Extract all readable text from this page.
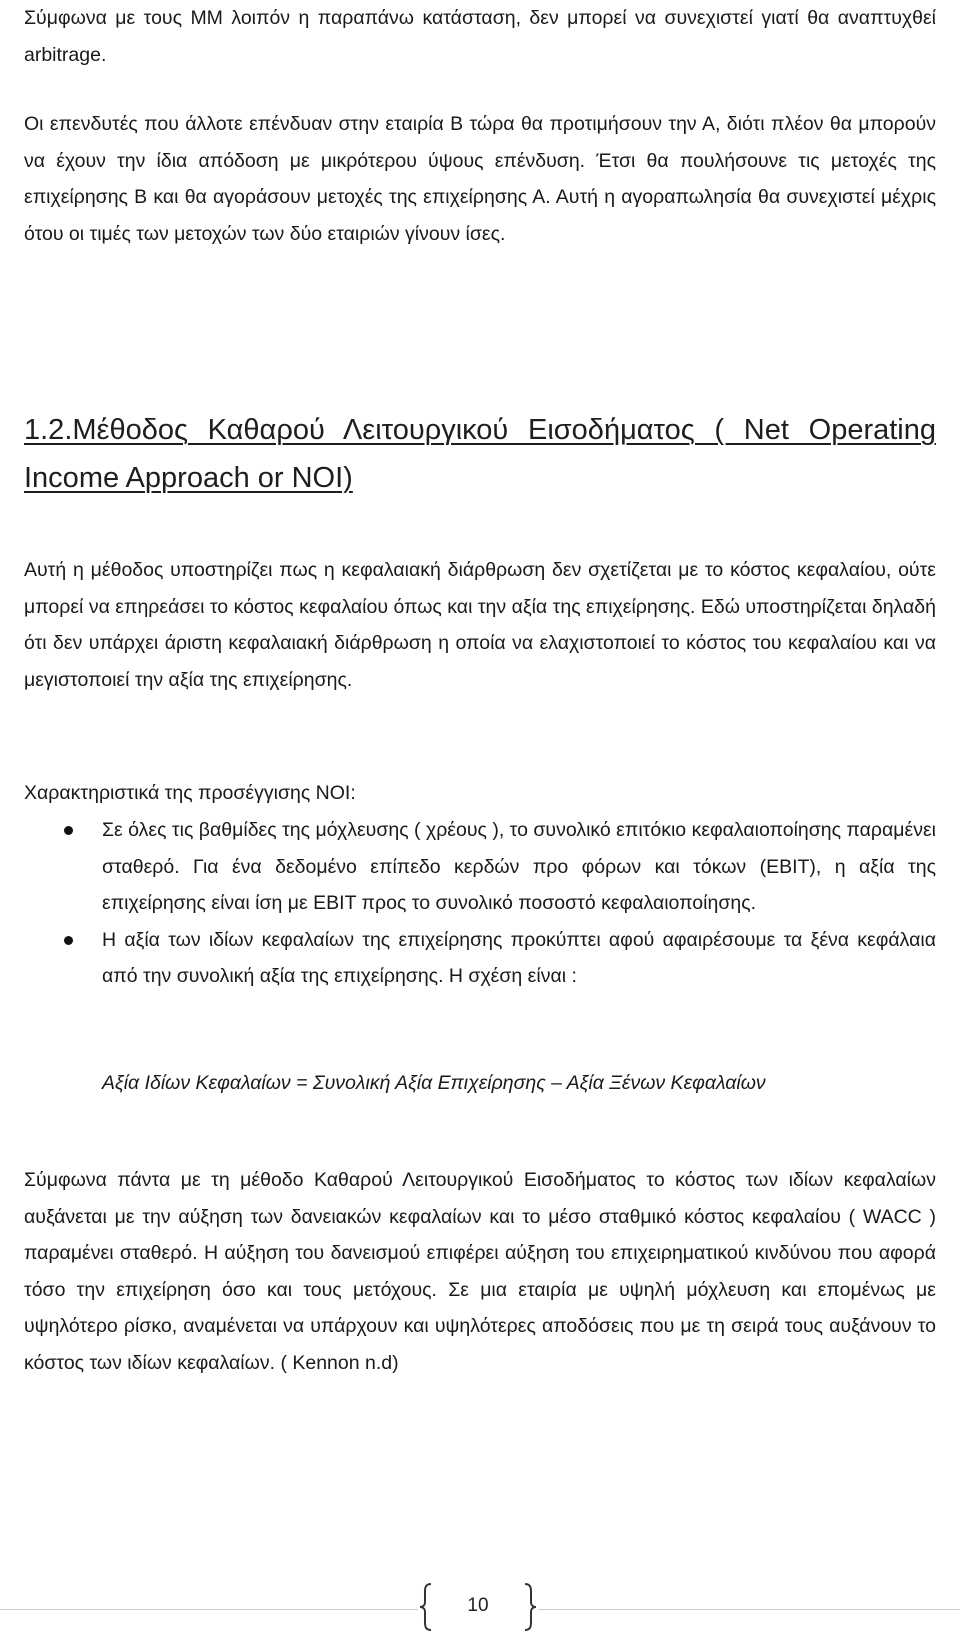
Σύμφωνα με τους ΜΜ λοιπόν η παραπάνω κατάσταση, δεν μπορεί να συνεχιστεί γιατί θα αναπτυχθεί arbitrage.

Οι επενδυτές που άλλοτε επένδυαν στην εταιρία Β τώρα θα προτιμήσουν την Α, διότι πλέον θα μπορούν να έχουν την ίδια απόδοση με μικρότερου ύψους επένδυση. Έτσι θα πουλήσουνε τις μετοχές της επιχείρησης Β και θα αγοράσουν μετοχές της επιχείρησης Α. Αυτή η αγοραπωλησία θα συνεχιστεί μέχρις ότου οι τιμές των μετοχών των δύο εταιριών γίνουν ίσες.

1.2.Μέθοδος Καθαρού Λειτουργικού Εισοδήματος ( Net Operating Income Approach or NOI)

Αυτή η μέθοδος υποστηρίζει πως η κεφαλαιακή διάρθρωση δεν σχετίζεται με το κόστος κεφαλαίου, ούτε μπορεί να επηρεάσει το κόστος κεφαλαίου όπως και την αξία της επιχείρησης. Εδώ υποστηρίζεται δηλαδή ότι δεν υπάρχει άριστη κεφαλαιακή διάρθρωση η οποία να ελαχιστοποιεί το κόστος του κεφαλαίου και να μεγιστοποιεί την αξία της επιχείρησης.

Χαρακτηριστικά της προσέγγισης NOI:

Σε όλες τις βαθμίδες της μόχλευσης ( χρέους ), το συνολικό επιτόκιο κεφαλαιοποίησης παραμένει σταθερό. Για ένα δεδομένο επίπεδο κερδών προ φόρων και τόκων (EBIT), η αξία της επιχείρησης είναι ίση με EBIT προς το συνολικό ποσοστό κεφαλαιοποίησης.
Η αξία των ιδίων κεφαλαίων της επιχείρησης προκύπτει αφού αφαιρέσουμε τα ξένα κεφάλαια από την συνολική αξία της επιχείρησης. Η σχέση είναι :

Αξία Ιδίων Κεφαλαίων = Συνολική Αξία Επιχείρησης – Αξία Ξένων Κεφαλαίων

Σύμφωνα πάντα με τη μέθοδο Καθαρού Λειτουργικού Εισοδήματος το κόστος των ιδίων κεφαλαίων αυξάνεται με την αύξηση των δανειακών κεφαλαίων και το μέσο σταθμικό κόστος κεφαλαίου ( WACC ) παραμένει σταθερό. Η αύξηση του δανεισμού επιφέρει αύξηση του επιχειρηματικού κινδύνου που αφορά τόσο την επιχείρηση όσο και τους μετόχους. Σε μια εταιρία με υψηλή μόχλευση και επομένως με υψηλότερο ρίσκο, αναμένεται να υπάρχουν και υψηλότερες αποδόσεις που με τη σειρά τους αυξάνουν το κόστος των ιδίων κεφαλαίων. ( Kennon n.d)

10
